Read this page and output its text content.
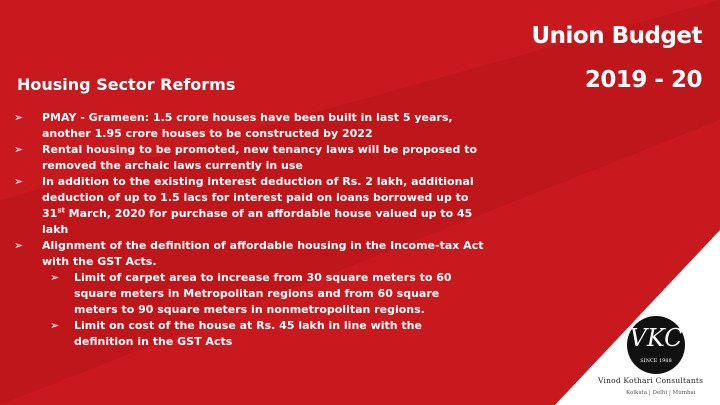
Union Budget
2019 - 20
Housing Sector Reforms
➢ PMAY - Grameen: 1.5 crore houses have been built in last 5 years, another 1.95 crore houses to be constructed by 2022
➢ Rental housing to be promoted, new tenancy laws will be proposed to removed the archaic laws currently in use
➢ In addition to the existing interest deduction of Rs. 2 lakh, additional deduction of up to 1.5 lacs for interest paid on loans borrowed up to 31st March, 2020 for purchase of an affordable house valued up to 45 lakh
➢ Alignment of the definition of affordable housing in the Income-tax Act with the GST Acts.
➢ Limit of carpet area to increase from 30 square meters to 60 square meters in Metropolitan regions and from 60 square meters to 90 square meters in nonmetropolitan regions.
➢ Limit on cost of the house at Rs. 45 lakh in line with the definition in the GST Acts	VKC
SINCE 1988
Vinod Kothari Consultants
Kolkata | Delhi | Mumbai
